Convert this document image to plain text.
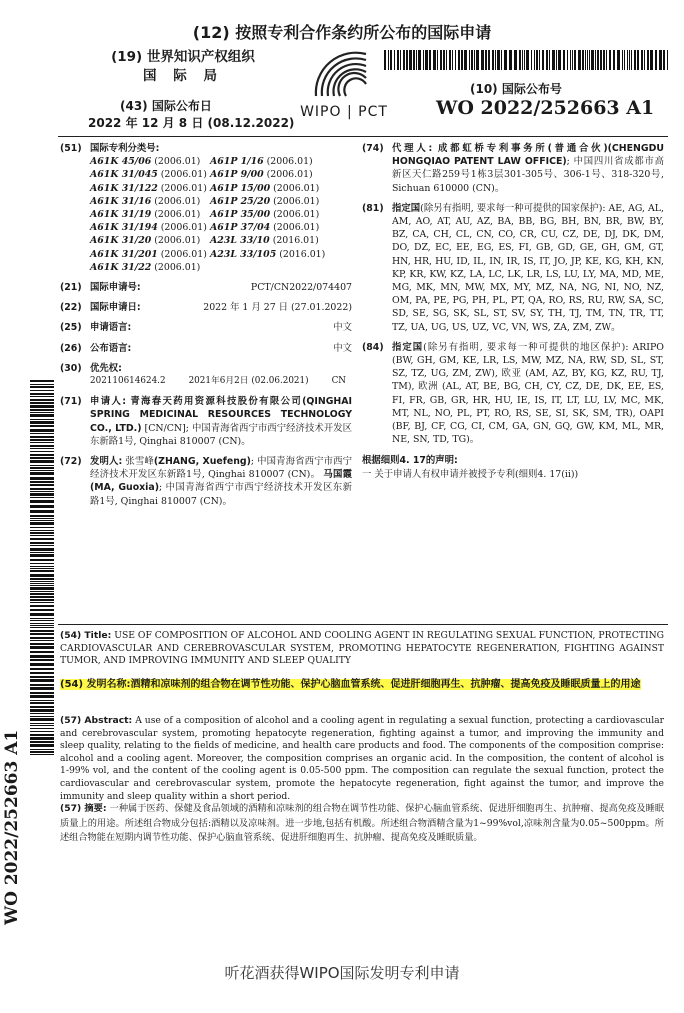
(12) 按照专利合作条约所公布的国际申请
(19) 世界知识产权组织
国 际 局
WIPO | PCT
(10) 国际公布号
WO 2022/252663 A1
(43) 国际公布日
2022 年 12 月 8 日 (08.12.2022)
(51) 国际专利分类号:
A61K 45/06 (2006.01)	A61P 1/16 (2006.01)
A61K 31/045 (2006.01) A61P 9/00 (2006.01)
A61K 31/122 (2006.01) A61P 15/00 (2006.01)
A61K 31/16 (2006.01)	A61P 25/20 (2006.01)
A61K 31/19 (2006.01)	A61P 35/00 (2006.01)
A61K 31/194 (2006.01) A61P 37/04 (2006.01)
A61K 31/20 (2006.01)	A23L 33/10 (2016.01)
A61K 31/201 (2006.01) A23L 33/105 (2016.01)
A61K 31/22 (2006.01)
(21) 国际申请号:	PCT/CN2022/074407
(22) 国际申请日:	2022 年 1 月 27 日 (27.01.2022)
(25) 申请语言:	中文
(26) 公布语言:	中文
(30) 优先权:
202110614624.2	2021年6月2日 (02.06.2021)	CN
(71) 申请人: 青海春天药用资源科技股份有限公司(QINGHAI SPRING MEDICINAL RESOURCES TECHNOLOGY CO., LTD.) [CN/CN]; 中国青海省西宁市西宁经济技术开发区东新路1号, Qinghai 810007 (CN)。
(72) 发明人: 张雪峰(ZHANG, Xuefeng); 中国青海省西宁市西宁经济技术开发区东新路1号, Qinghai 810007 (CN)。 马国霞(MA, Guoxia); 中国青海省西宁市西宁经济技术开发区东新路1号, Qinghai 810007 (CN)。
(74) 代理人: 成都虹桥专利事务所(普通合伙)(CHENGDU HONGQIAO PATENT LAW OFFICE); 中国四川省成都市高新区天仁路259号1栋3层301-305号、306-1号、318-320号, Sichuan 610000 (CN)。
(81) 指定国(除另有指明, 要求每一种可提供的国家保护): AE, AG, AL, AM, AO, AT, AU, AZ, BA, BB, BG, BH, BN, BR, BW, BY, BZ, CA, CH, CL, CN, CO, CR, CU, CZ, DE, DJ, DK, DM, DO, DZ, EC, EE, EG, ES, FI, GB, GD, GE, GH, GM, GT, HN, HR, HU, ID, IL, IN, IR, IS, IT, JO, JP, KE, KG, KH, KN, KP, KR, KW, KZ, LA, LC, LK, LR, LS, LU, LY, MA, MD, ME, MG, MK, MN, MW, MX, MY, MZ, NA, NG, NI, NO, NZ, OM, PA, PE, PG, PH, PL, PT, QA, RO, RS, RU, RW, SA, SC, SD, SE, SG, SK, SL, ST, SV, SY, TH, TJ, TM, TN, TR, TT, TZ, UA, UG, US, UZ, VC, VN, WS, ZA, ZM, ZW。
(84) 指定国(除另有指明, 要求每一种可提供的地区保护): ARIPO (BW, GH, GM, KE, LR, LS, MW, MZ, NA, RW, SD, SL, ST, SZ, TZ, UG, ZM, ZW), 欧亚 (AM, AZ, BY, KG, KZ, RU, TJ, TM), 欧洲 (AL, AT, BE, BG, CH, CY, CZ, DE, DK, EE, ES, FI, FR, GB, GR, HR, HU, IE, IS, IT, LT, LU, LV, MC, MK, MT, NL, NO, PL, PT, RO, RS, SE, SI, SK, SM, TR), OAPI (BF, BJ, CF, CG, CI, CM, GA, GN, GQ, GW, KM, ML, MR, NE, SN, TD, TG)。
根据细则4. 17的声明:
一 关于申请人有权申请并被授予专利(细则4. 17(ii))
(54) Title: USE OF COMPOSITION OF ALCOHOL AND COOLING AGENT IN REGULATING SEXUAL FUNCTION, PROTECTING CARDIOVASCULAR AND CEREBROVASCULAR SYSTEM, PROMOTING HEPATOCYTE REGENERATION, FIGHTING AGAINST TUMOR, AND IMPROVING IMMUNITY AND SLEEP QUALITY
(54) 发明名称:酒精和凉味剂的组合物在调节性功能、保护心脑血管系统、促进肝细胞再生、抗肿瘤、提高免疫及睡眠质量上的用途
(57) Abstract: A use of a composition of alcohol and a cooling agent in regulating a sexual function, protecting a cardiovascular and cerebrovascular system, promoting hepatocyte regeneration, fighting against a tumor, and improving the immunity and sleep quality, relating to the fields of medicine, and health care products and food. The components of the composition comprise: alcohol and a cooling agent. Moreover, the composition comprises an organic acid. In the composition, the content of alcohol is 1-99% vol, and the content of the cooling agent is 0.05-500 ppm. The composition can regulate the sexual function, protect the cardiovascular and cerebrovascular system, promote the hepatocyte regeneration, fight against the tumor, and improve the immunity and sleep quality within a short period.
(57) 摘要: 一种属于医药、保健及食品领域的酒精和凉味剂的组合物在调节性功能、保护心脑血管系统、促进肝细胞再生、抗肿瘤、提高免疫及睡眠质量上的用途。所述组合物成分包括:酒精以及凉味剂。进一步地,包括有机酸。所述组合物酒精含量为1~99%vol,凉味剂含量为0.05~500ppm。所述组合物能在短期内调节性功能、保护心脑血管系统、促进肝细胞再生、抗肿瘤、提高免疫及睡眠质量。
WO 2022/252663 A1
听花酒获得WIPO国际发明专利申请
